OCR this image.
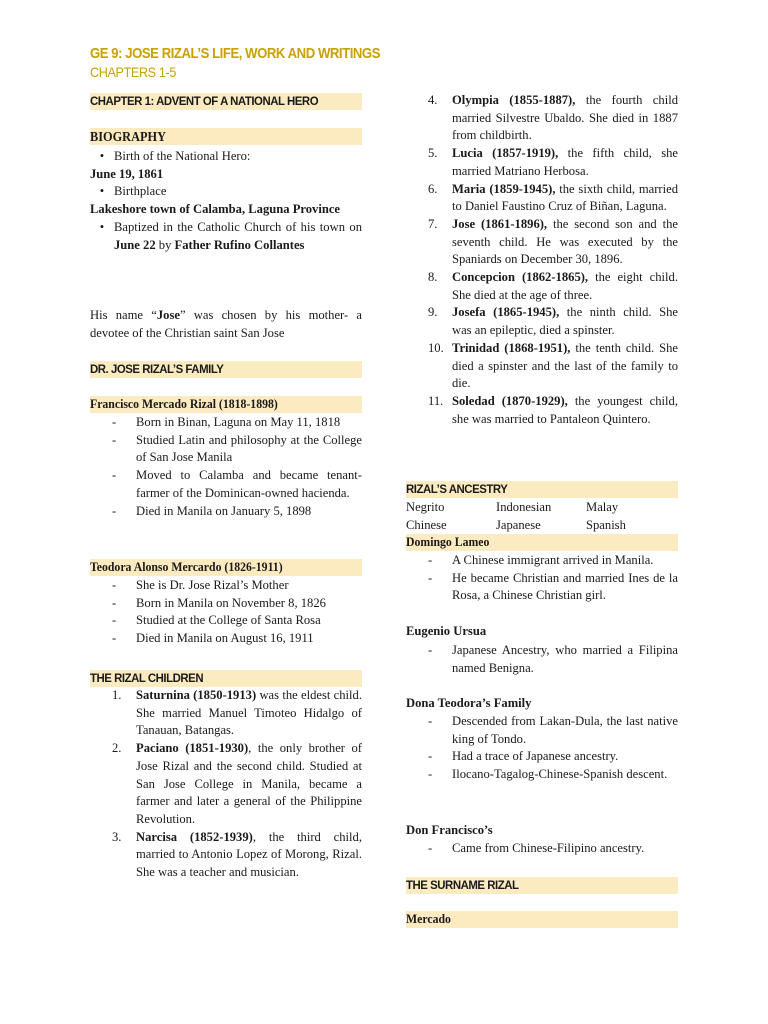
GE 9: JOSE RIZAL’S LIFE, WORK AND WRITINGS
CHAPTERS 1-5
CHAPTER 1: ADVENT OF A NATIONAL HERO
BIOGRAPHY
• Birth of the National Hero:
June 19, 1861
• Birthplace
Lakeshore town of Calamba, Laguna Province
• Baptized in the Catholic Church of his town on June 22 by Father Rufino Collantes
His name “Jose” was chosen by his mother- a devotee of the Christian saint San Jose
DR. JOSE RIZAL’S FAMILY
Francisco Mercado Rizal (1818-1898)
-	Born in Binan, Laguna on May 11, 1818
-	Studied Latin and philosophy at the College of San Jose Manila
-	Moved to Calamba and became tenant-farmer of the Dominican-owned hacienda.
-	Died in Manila on January 5, 1898
Teodora Alonso Mercardo (1826-1911)
-	She is Dr. Jose Rizal’s Mother
-	Born in Manila on November 8, 1826
-	Studied at the College of Santa Rosa
-	Died in Manila on August 16, 1911
THE RIZAL CHILDREN
1.	Saturnina (1850-1913) was the eldest child. She married Manuel Timoteo Hidalgo of Tanauan, Batangas.
2.	Paciano (1851-1930), the only brother of Jose Rizal and the second child. Studied at San Jose College in Manila, became a farmer and later a general of the Philippine Revolution.
3.	Narcisa (1852-1939), the third child, married to Antonio Lopez of Morong, Rizal. She was a teacher and musician.
4.	Olympia (1855-1887), the fourth child married Silvestre Ubaldo. She died in 1887 from childbirth.
5.	Lucia (1857-1919), the fifth child, she married Matriano Herbosa.
6.	Maria (1859-1945), the sixth child, married to Daniel Faustino Cruz of Biñan, Laguna.
7.	Jose (1861-1896), the second son and the seventh child. He was executed by the Spaniards on December 30, 1896.
8.	Concepcion (1862-1865), the eight child. She died at the age of three.
9.	Josefa (1865-1945), the ninth child. She was an epileptic, died a spinster.
10. Trinidad (1868-1951), the tenth child. She died a spinster and the last of the family to die.
11. Soledad (1870-1929), the youngest child, she was married to Pantaleon Quintero.
RIZAL’S ANCESTRY
Negrito	Indonesian	Malay
Chinese	Japanese	Spanish
Domingo Lameo
-	A Chinese immigrant arrived in Manila.
-	He became Christian and married Ines de la Rosa, a Chinese Christian girl.
Eugenio Ursua
-	Japanese Ancestry, who married a Filipina named Benigna.
Dona Teodora’s Family
-	Descended from Lakan-Dula, the last native king of Tondo.
-	Had a trace of Japanese ancestry.
-	Ilocano-Tagalog-Chinese-Spanish descent.
Don Francisco’s
-	Came from Chinese-Filipino ancestry.
THE SURNAME RIZAL
Mercado
